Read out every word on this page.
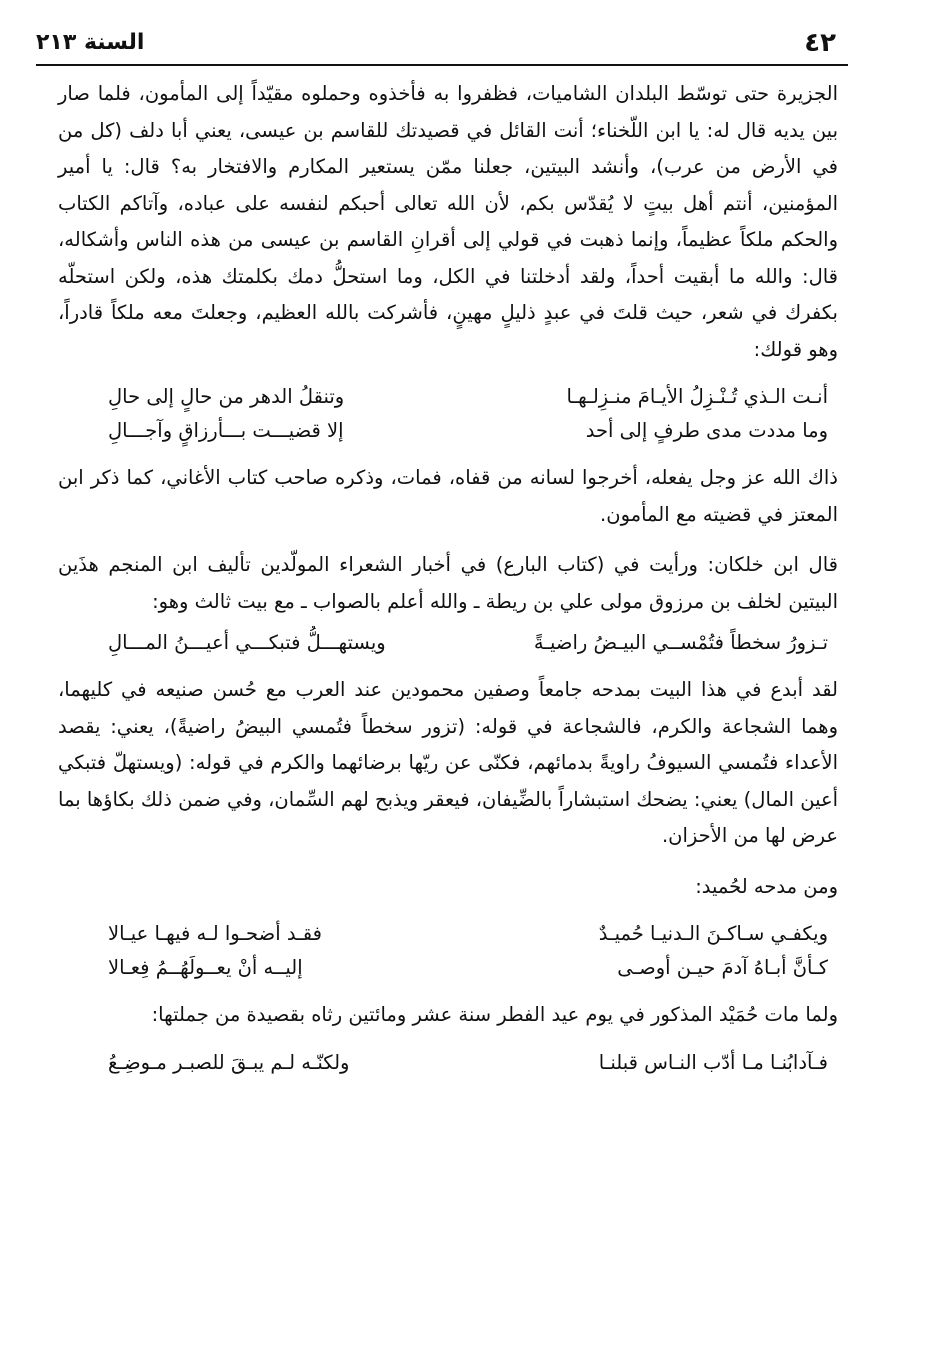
٤٢
السنة ٢١٣

الجزيرة حتى توسّط البلدان الشاميات، فظفروا به فأخذوه وحملوه مقيّداً إلى المأمون، فلما صار بين يديه قال له: يا ابن اللّخناء؛ أنت القائل في قصيدتك للقاسم بن عيسى، يعني أبا دلف (كل من في الأرض من عرب)، وأنشد البيتين، جعلنا ممّن يستعير المكارم والافتخار به؟ قال: يا أمير المؤمنين، أنتم أهل بيتٍ لا يُقدّس بكم، لأن الله تعالى أحبكم لنفسه على عباده، وآتاكم الكتاب والحكم ملكاً عظيماً، وإنما ذهبت في قولي إلى أقرانِ القاسم بن عيسى من هذه الناس وأشكاله، قال: والله ما أبقيت أحداً، ولقد أدخلتنا في الكل، وما استحلُّ دمك بكلمتك هذه، ولكن استحلّه بكفرك في شعر، حيث قلتَ في عبدٍ ذليلٍ مهينٍ، فأشركت بالله العظيم، وجعلتَ معه ملكاً قادراً، وهو قولك:

أنـت الـذي تُـنْـزِلُ الأيـامَ منـزِلـهـا
وتنقلُ الدهر من حالٍ إلى حالِ
وما مددت مدى طرفٍ إلى أحد
إلا قضيـــت بـــأرزاقٍ وآجـــالِ

ذاك الله عز وجل يفعله، أخرجوا لسانه من قفاه، فمات، وذكره صاحب كتاب الأغاني، كما ذكر ابن المعتز في قضيته مع المأمون.

قال ابن خلكان: ورأيت في (كتاب البارع) في أخبار الشعراء المولّدين تأليف ابن المنجم هذَين البيتين لخلف بن مرزوق مولى علي بن ريطة ـ والله أعلم بالصواب ـ مع بيت ثالث وهو:

تـزورُ سخطاً فتُمْســي البيـضُ راضيـةً
ويستهـــلُّ فتبكـــي أعيـــنُ المـــالِ

لقد أبدع في هذا البيت بمدحه جامعاً وصفين محمودين عند العرب مع حُسن صنيعه في كليهما، وهما الشجاعة والكرم، فالشجاعة في قوله: (تزور سخطاً فتُمسي البيضُ راضيةً)، يعني: يقصد الأعداء فتُمسي السيوفُ راويةً بدمائهم، فكنّى عن ريّها برضائهما والكرم في قوله: (ويستهلّ فتبكي أعين المال) يعني: يضحك استبشاراً بالضِّيفان، فيعقر ويذبح لهم السِّمان، وفي ضمن ذلك بكاؤها بما عرض لها من الأحزان.

ومن مدحه لحُميد:

ويكفـي سـاكـنَ الـدنيـا حُميـدٌ
فقـد أضحـوا لـه فيهـا عيـالا
كـأنَّ أبـاهُ آدمَ حيـن أوصـى
إليــه أنْ يعــولَهُــمُ فِعـالا

ولما مات حُمَيْد المذكور في يوم عيد الفطر سنة عشر ومائتين رثاه بقصيدة من جملتها:

فـآدابُنـا مـا أدّب النـاس قبلنـا
ولكنّـه لـم يبـقَ للصبـر مـوضِـعُ
